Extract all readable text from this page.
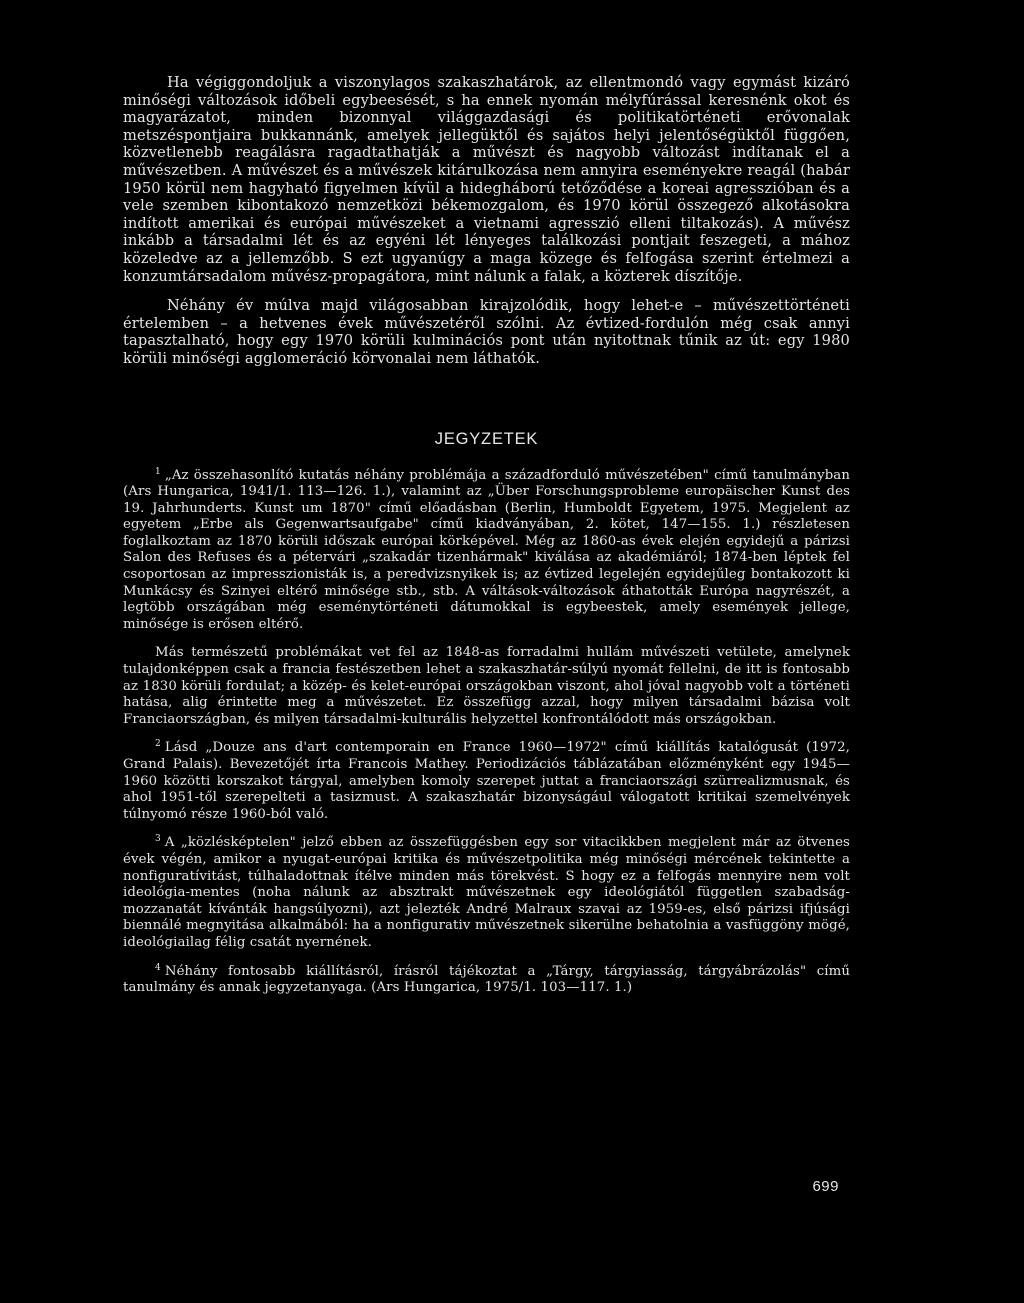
Ha végiggondoljuk a viszonylagos szakaszhatárok, az ellentmondó vagy egymást kizáró minőségi változások időbeli egybeesését, s ha ennek nyomán mélyfúrással keresnénk okot és magyarázatot, minden bizonnyal világgazdasági és politikatörténeti erővonalak metszéspontjaira bukkannánk, amelyek jellegüktől és sajátos helyi jelentőségüktől függően, közvetlenebb reagálásra ragadtathatják a művészt és nagyobb változást indítanak el a művészetben. A művészet és a művészek kitárulkozása nem annyira eseményekre reagál (habár 1950 körül nem hagyható figyelmen kívül a hidegháború tetőződése a koreai agresszióban és a vele szemben kibontakozó nemzetközi békemozgalom, és 1970 körül összegező alkotásokra indított amerikai és európai művészeket a vietnami agresszió elleni tiltakozás). A művész inkább a társadalmi lét és az egyéni lét lényeges találkozási pontjait feszegeti, a mához közeledve az a jellemzőbb. S ezt ugyanúgy a maga közege és felfogása szerint értelmezi a konzumtársadalom művész-propagátora, mint nálunk a falak, a közterek díszítője.

Néhány év múlva majd világosabban kirajzolódik, hogy lehet-e – művészettörténeti értelemben – a hetvenes évek művészetéről szólni. Az évtized-fordulón még csak annyi tapasztalható, hogy egy 1970 körüli kulminációs pont után nyitottnak tűnik az út: egy 1980 körüli minőségi agglomeráció körvonalai nem láthatók.

JEGYZETEK

$^1$ „Az összehasonlító kutatás néhány problémája a századforduló művészetében" című tanulmányban (Ars Hungarica, 1941/1. 113—126. 1.), valamint az „Über Forschungsprobleme europäischer Kunst des 19. Jahrhunderts. Kunst um 1870" című előadásban (Berlin, Humboldt Egyetem, 1975. Megjelent az egyetem „Erbe als Gegenwartsaufgabe" című kiadványában, 2. kötet, 147—155. 1.) részletesen foglalkoztam az 1870 körüli időszak európai körképével. Még az 1860-as évek elején egyidejű a párizsi Salon des Refuses és a pétervári „szakadár tizenhármak" kiválása az akadémiáról; 1874-ben léptek fel csoportosan az impresszionisták is, a peredvizsnyikek is; az évtized legelején egyidejűleg bontakozott ki Munkácsy és Szinyei eltérő minősége stb., stb. A váltások-változások áthatották Európa nagyrészét, a legtöbb országában még eseménytörténeti dátumokkal is egybeestek, amely események jellege, minősége is erősen eltérő.

Más természetű problémákat vet fel az 1848-as forradalmi hullám művészeti vetülete, amelynek tulajdonképpen csak a francia festészetben lehet a szakaszhatár-súlyú nyomát fellelni, de itt is fontosabb az 1830 körüli fordulat; a közép- és kelet-európai országokban viszont, ahol jóval nagyobb volt a történeti hatása, alig érintette meg a művészetet. Ez összefügg azzal, hogy milyen társadalmi bázisa volt Franciaországban, és milyen társadalmi-kulturális helyzettel konfrontálódott más országokban.

$^2$ Lásd „Douze ans d'art contemporain en France 1960—1972" című kiállítás katalógusát (1972, Grand Palais). Bevezetőjét írta Francois Mathey. Periodizációs táblázatában előzményként egy 1945—1960 közötti korszakot tárgyal, amelyben komoly szerepet juttat a franciaországi szürrealizmusnak, és ahol 1951-től szerepelteti a tasizmust. A szakaszhatár bizonyságául válogatott kritikai szemelvények túlnyomó része 1960-ból való.

$^3$ A „közlésképtelen" jelző ebben az összefüggésben egy sor vitacikkben megjelent már az ötvenes évek végén, amikor a nyugat-európai kritika és művészetpolitika még minőségi mércének tekintette a nonfiguratívitást, túlhaladottnak ítélve minden más törekvést. S hogy ez a felfogás mennyire nem volt ideológia-mentes (noha nálunk az absztrakt művészetnek egy ideológiától független szabadság-mozzanatát kívánták hangsúlyozni), azt jelezték André Malraux szavai az 1959-es, első párizsi ifjúsági biennálé megnyitása alkalmából: ha a nonfigurativ művészetnek sikerülne behatolnia a vasfüggöny mögé, ideológiailag félig csatát nyernének.

$^4$ Néhány fontosabb kiállításról, írásról tájékoztat a „Tárgy, tárgyiasság, tárgyábrázolás" című tanulmány és annak jegyzetanyaga. (Ars Hungarica, 1975/1. 103—117. 1.)

699
